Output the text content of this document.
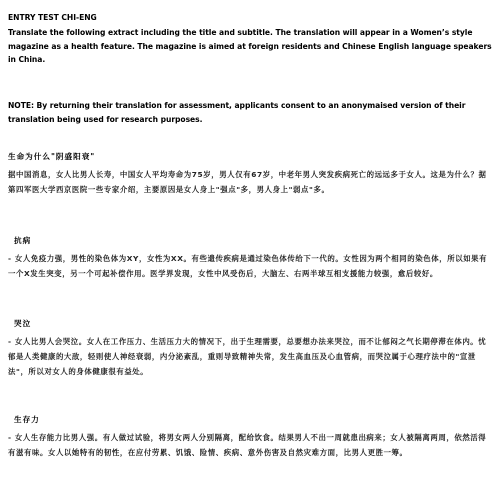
ENTRY TEST CHI-ENG
Translate the following extract including the title and subtitle. The translation will appear in a Women’s style magazine as a health feature. The magazine is aimed at foreign residents and Chinese English language speakers in China.
NOTE: By returning their translation for assessment, applicants consent to an anonymaised version of their translation being used for research purposes.
生命为什么"阴盛阳衰"
据中国消息，女人比男人长寿，中国女人平均寿命为75岁，男人仅有67岁，中老年男人突发疾病死亡的远远多于女人。这是为什么？据第四军医大学西京医院一些专家介绍，主要原因是女人身上"强点"多，男人身上"弱点"多。
抗病
- 女人免疫力强，男性的染色体为XY，女性为XX。有些遗传疾病是通过染色体传给下一代的。女性因为两个相同的染色体，所以如果有一个X发生突变，另一个可起补偿作用。医学界发现，女性中风受伤后，大脑左、右两半球互相支援能力较强，愈后较好。
哭泣
- 女人比男人会哭泣。女人在工作压力、生活压力大的情况下，出于生理需要，总要想办法来哭泣，而不让郁闷之气长期停滞在体内。忧郁是人类健康的大敌，轻则使人神经衰弱，内分泌紊乱，重则导致精神失常，发生高血压及心血管病，而哭泣属于心理疗法中的"宣泄法"，所以对女人的身体健康很有益处。
生存力
- 女人生存能力比男人强。有人做过试验，将男女两人分别隔离，配给饮食。结果男人不出一周就患出病来；女人被隔离两周，依然活得有滋有味。女人以她特有的韧性，在应付劳累、饥饿、险情、疾病、意外伤害及自然灾难方面，比男人更胜一筹。
